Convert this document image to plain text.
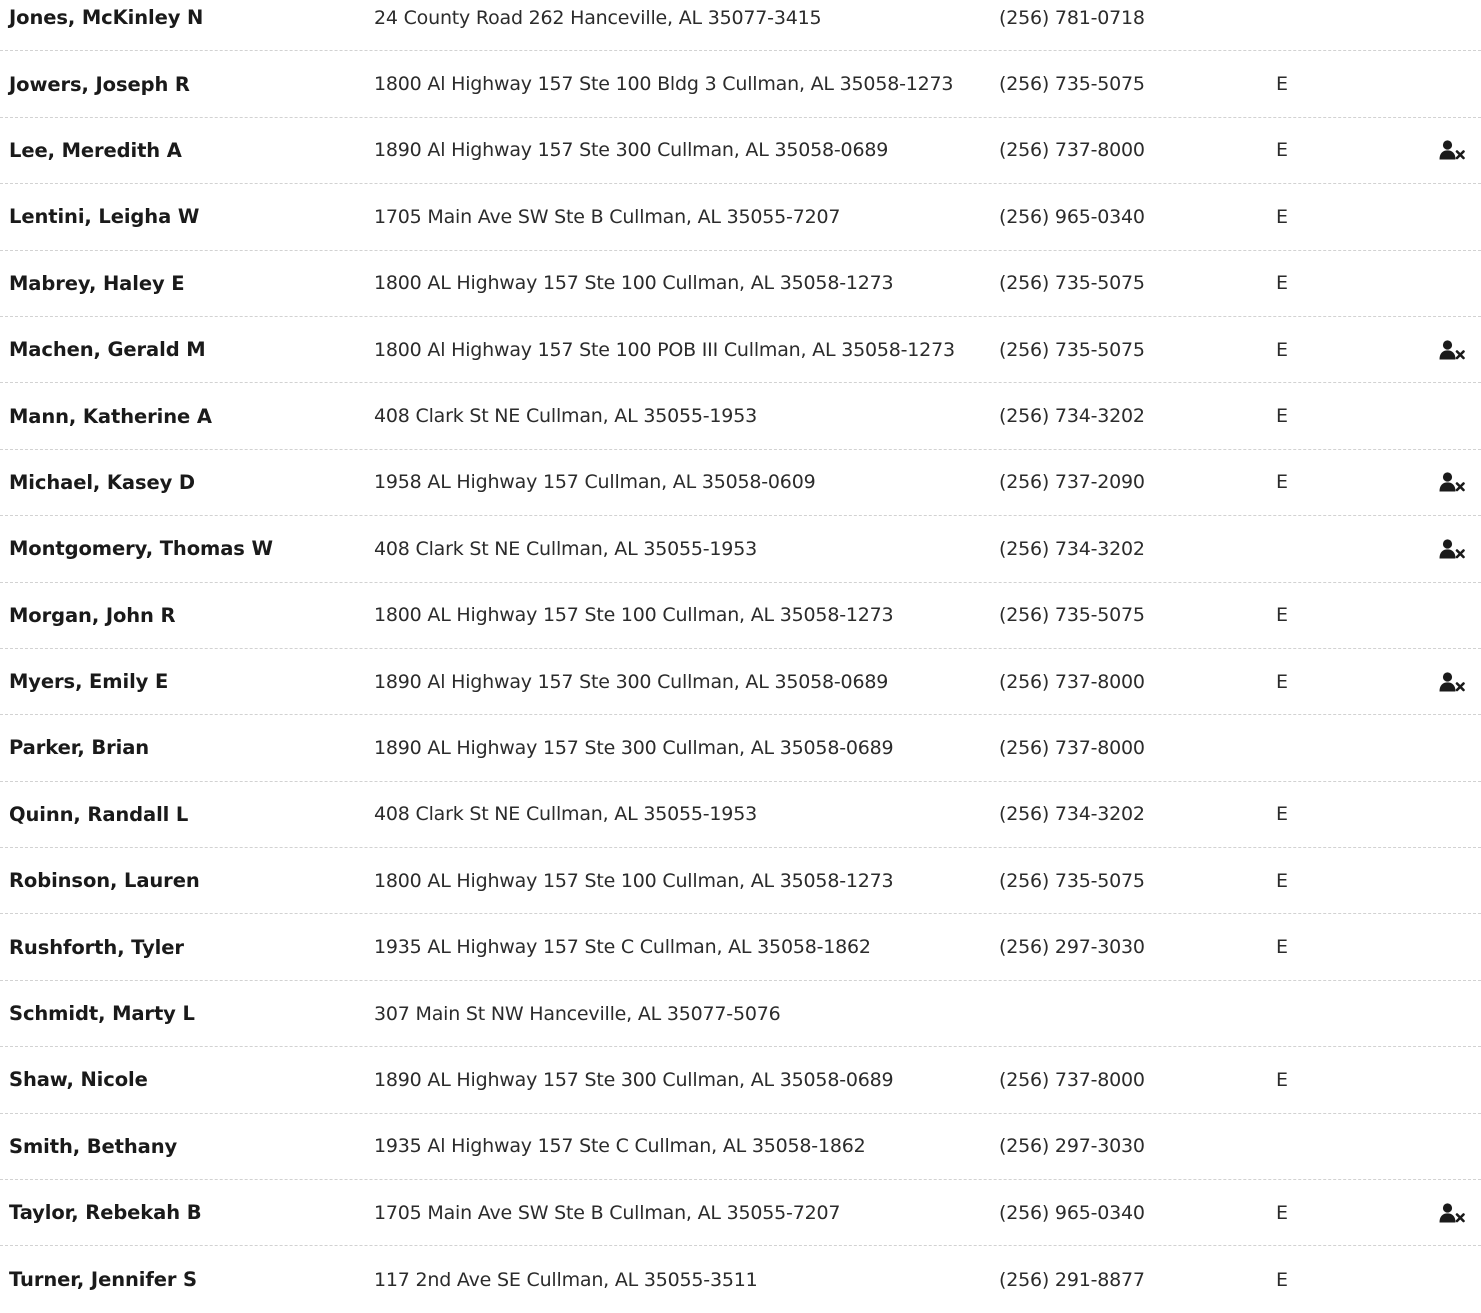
Jones, McKinley N	24 County Road 262 Hanceville, AL 35077-3415	(256) 781-0718
Jowers, Joseph R	1800 Al Highway 157 Ste 100 Bldg 3 Cullman, AL 35058-1273 (256) 735-5075	E
Lee, Meredith A	1890 Al Highway 157 Ste 300 Cullman, AL 35058-0689	(256) 737-8000	E
Lentini, Leigha W	1705 Main Ave SW Ste B Cullman, AL 35055-7207	(256) 965-0340	E
Mabrey, Haley E	1800 AL Highway 157 Ste 100 Cullman, AL 35058-1273	(256) 735-5075	E
Machen, Gerald M	1800 Al Highway 157 Ste 100 POB III Cullman, AL 35058-1273 (256) 735-5075	E
Mann, Katherine A	408 Clark St NE Cullman, AL 35055-1953	(256) 734-3202	E
Michael, Kasey D	1958 AL Highway 157 Cullman, AL 35058-0609	(256) 737-2090	E
Montgomery, Thomas W	408 Clark St NE Cullman, AL 35055-1953	(256) 734-3202
Morgan, John R	1800 AL Highway 157 Ste 100 Cullman, AL 35058-1273	(256) 735-5075	E
Myers, Emily E	1890 Al Highway 157 Ste 300 Cullman, AL 35058-0689	(256) 737-8000	E
Parker, Brian	1890 AL Highway 157 Ste 300 Cullman, AL 35058-0689	(256) 737-8000
Quinn, Randall L	408 Clark St NE Cullman, AL 35055-1953	(256) 734-3202	E
Robinson, Lauren	1800 AL Highway 157 Ste 100 Cullman, AL 35058-1273	(256) 735-5075	E
Rushforth, Tyler	1935 AL Highway 157 Ste C Cullman, AL 35058-1862	(256) 297-3030	E
Schmidt, Marty L	307 Main St NW Hanceville, AL 35077-5076
Shaw, Nicole	1890 AL Highway 157 Ste 300 Cullman, AL 35058-0689	(256) 737-8000	E
Smith, Bethany	1935 Al Highway 157 Ste C Cullman, AL 35058-1862	(256) 297-3030
Taylor, Rebekah B	1705 Main Ave SW Ste B Cullman, AL 35055-7207	(256) 965-0340	E
Turner, Jennifer S	117 2nd Ave SE Cullman, AL 35055-3511	(256) 291-8877	E
